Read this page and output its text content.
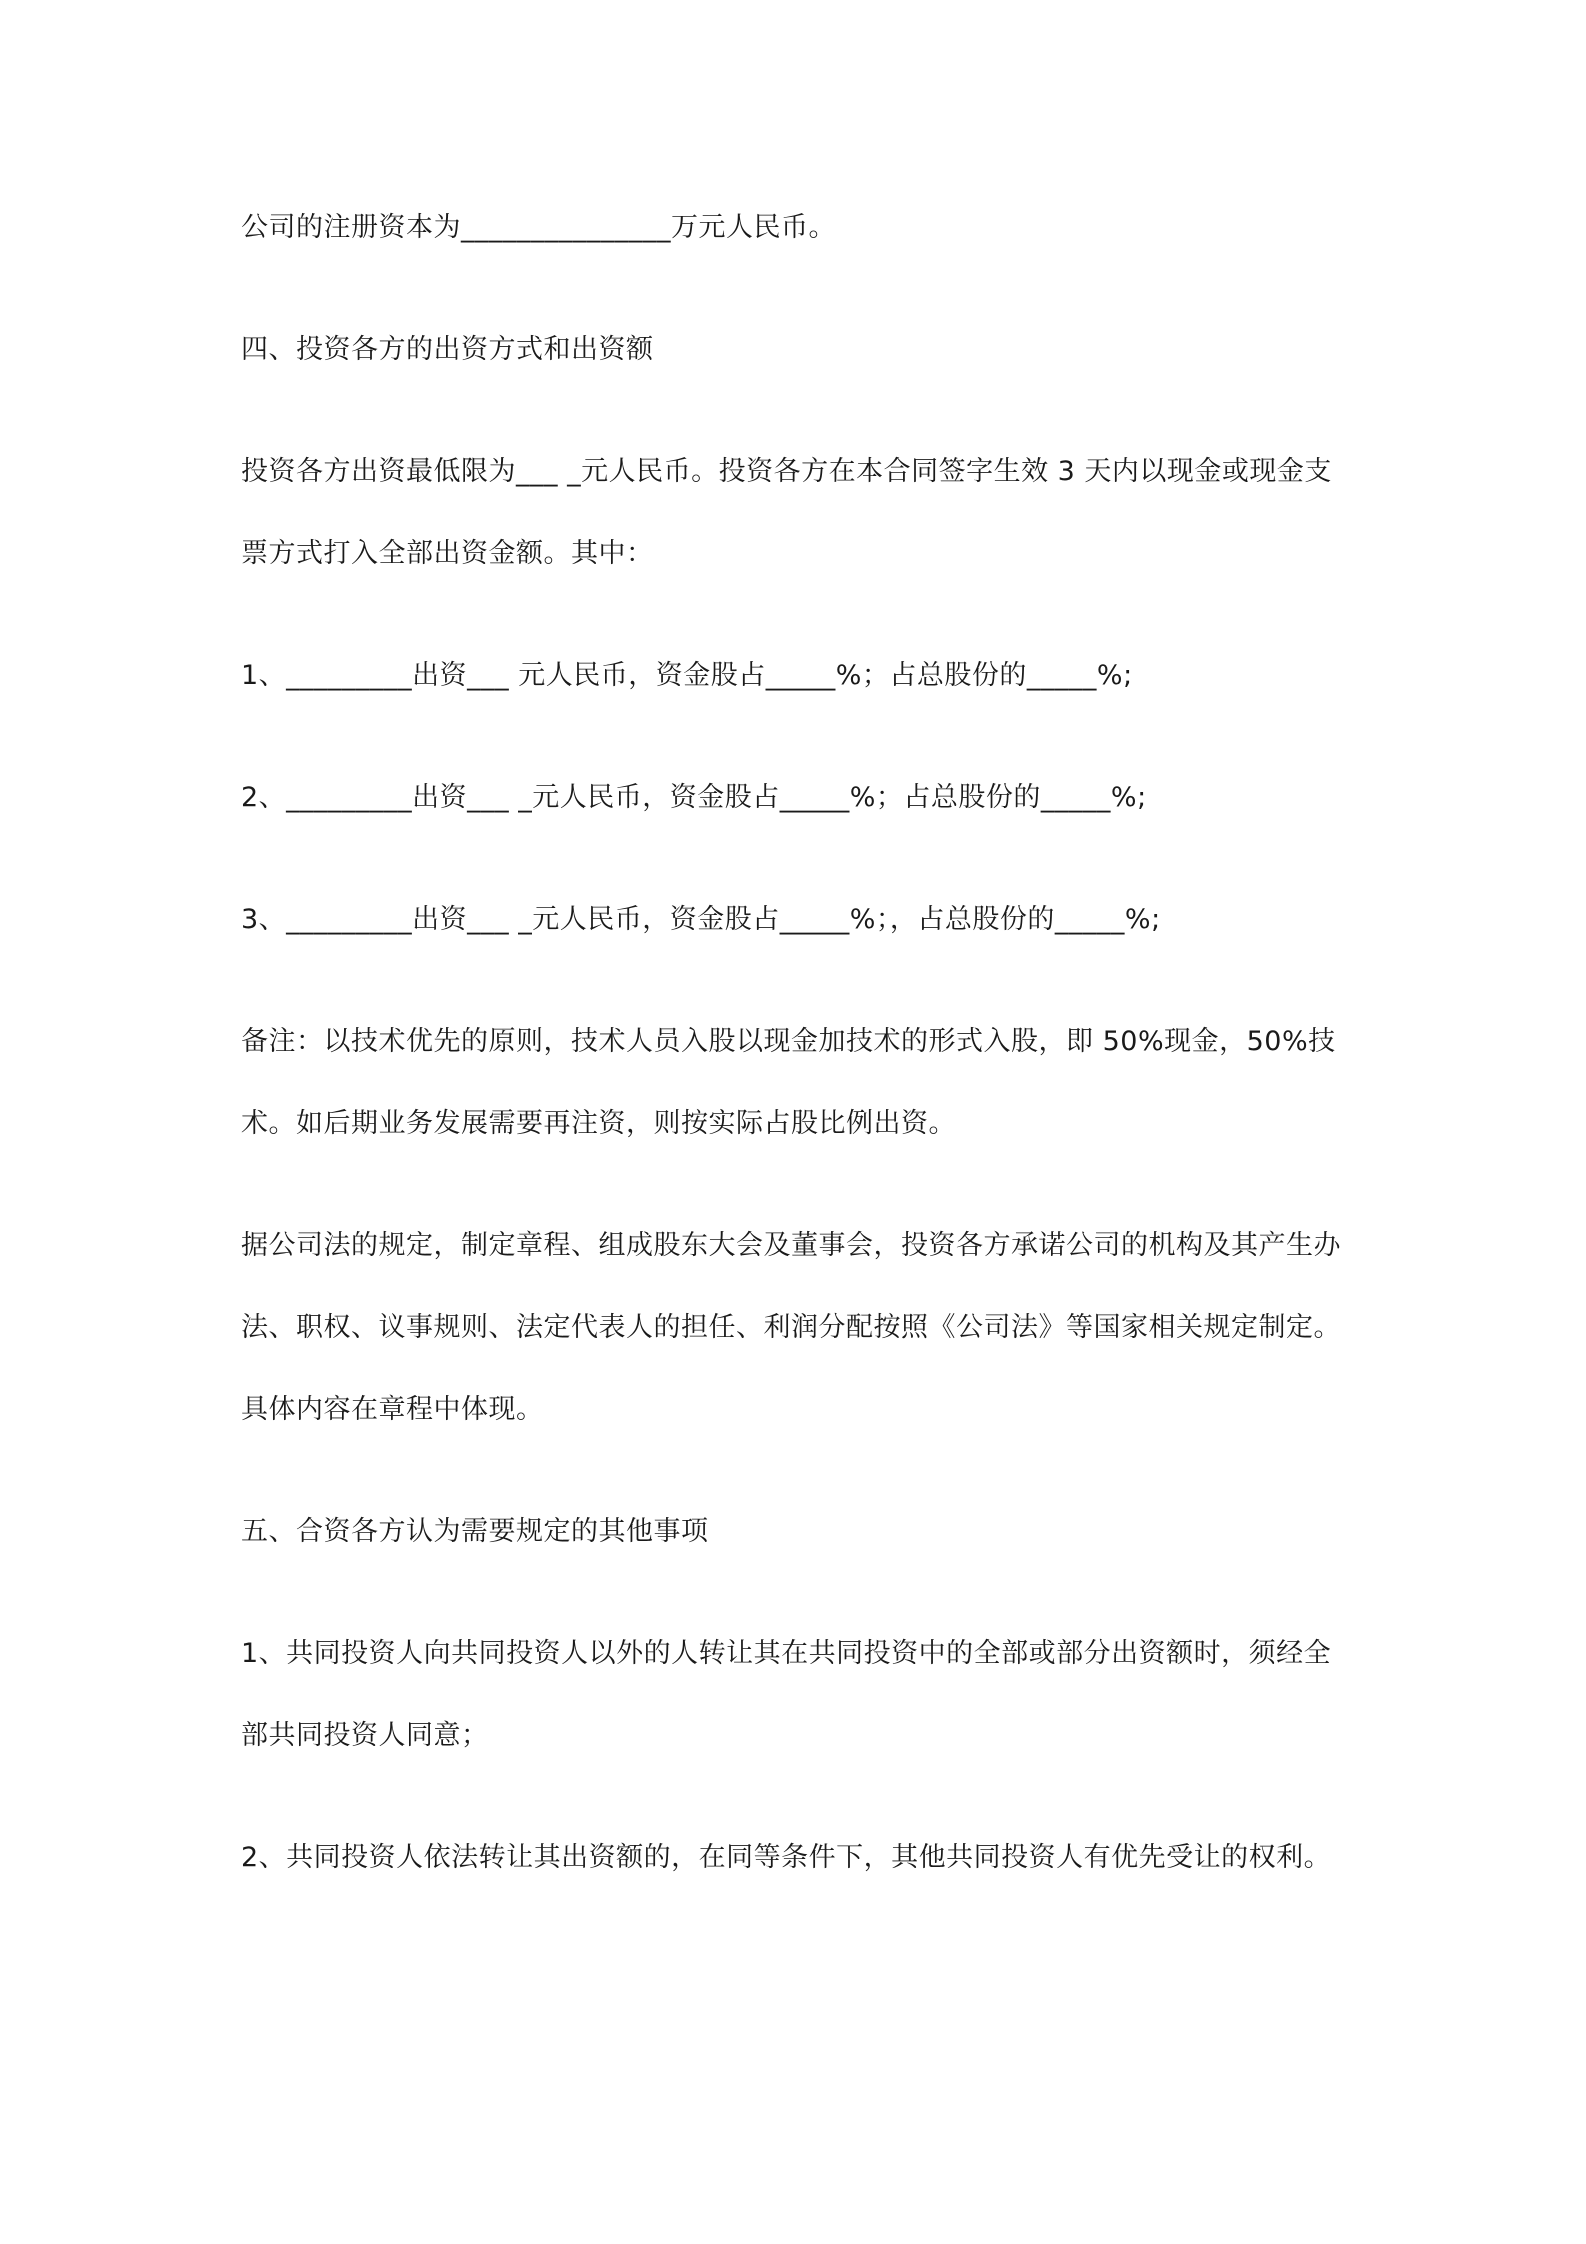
公司的注册资本为_______________万元人民币。
四、投资各方的出资方式和出资额
投资各方出资最低限为___ _元人民币。投资各方在本合同签字生效 3 天内以现金或现金支
票方式打入全部出资金额。其中：
1、_________出资___ 元人民币，资金股占_____%；占总股份的_____%;
2、_________出资___ _元人民币，资金股占_____%；占总股份的_____%;
3、_________出资___ _元人民币，资金股占_____%；，占总股份的_____%;
备注：以技术优先的原则，技术人员入股以现金加技术的形式入股，即 50%现金，50%技
术。如后期业务发展需要再注资，则按实际占股比例出资。
据公司法的规定，制定章程、组成股东大会及董事会，投资各方承诺公司的机构及其产生办
法、职权、议事规则、法定代表人的担任、利润分配按照《公司法》等国家相关规定制定。
具体内容在章程中体现。
五、合资各方认为需要规定的其他事项
1、共同投资人向共同投资人以外的人转让其在共同投资中的全部或部分出资额时，须经全
部共同投资人同意；
2、共同投资人依法转让其出资额的，在同等条件下，其他共同投资人有优先受让的权利。
